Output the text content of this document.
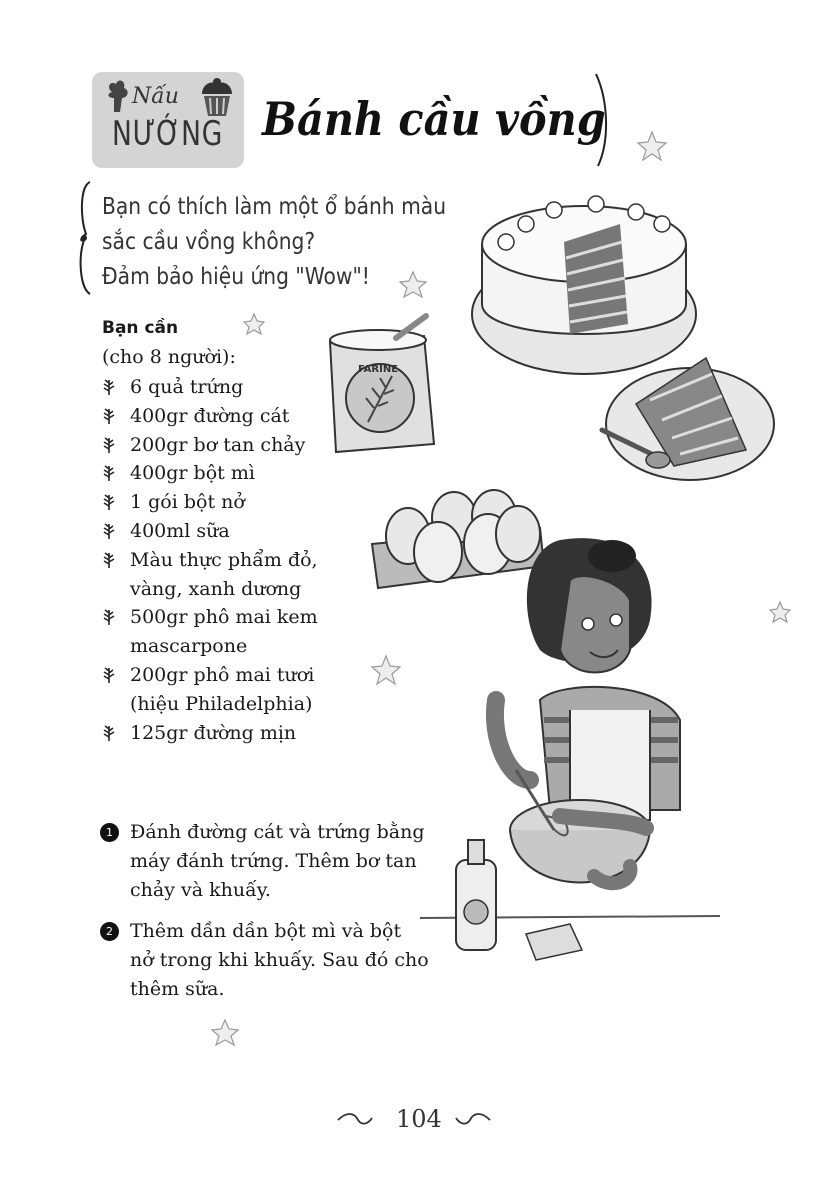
Nấu
NƯỚNG Bánh cầu vồng
Bạn có thích làm một ổ bánh màu
sắc cầu vồng không?
Đảm bảo hiệu ứng "Wow"!
Bạn cần
(cho 8 người):
6 quả trứng
400gr đường cát
200gr bơ tan chảy
400gr bột mì
1 gói bột nở
400ml sữa
Màu thực phẩm đỏ,
vàng, xanh dương
500gr phô mai kem
mascarpone
200gr phô mai tươi
(hiệu Philadelphia)
125gr đường mịn
1 Đánh đường cát và trứng bằng
máy đánh trứng. Thêm bơ tan
chảy và khuấy.
2 Thêm dần dần bột mì và bột
nở trong khi khuấy. Sau đó cho
thêm sữa.
FARINE
104
